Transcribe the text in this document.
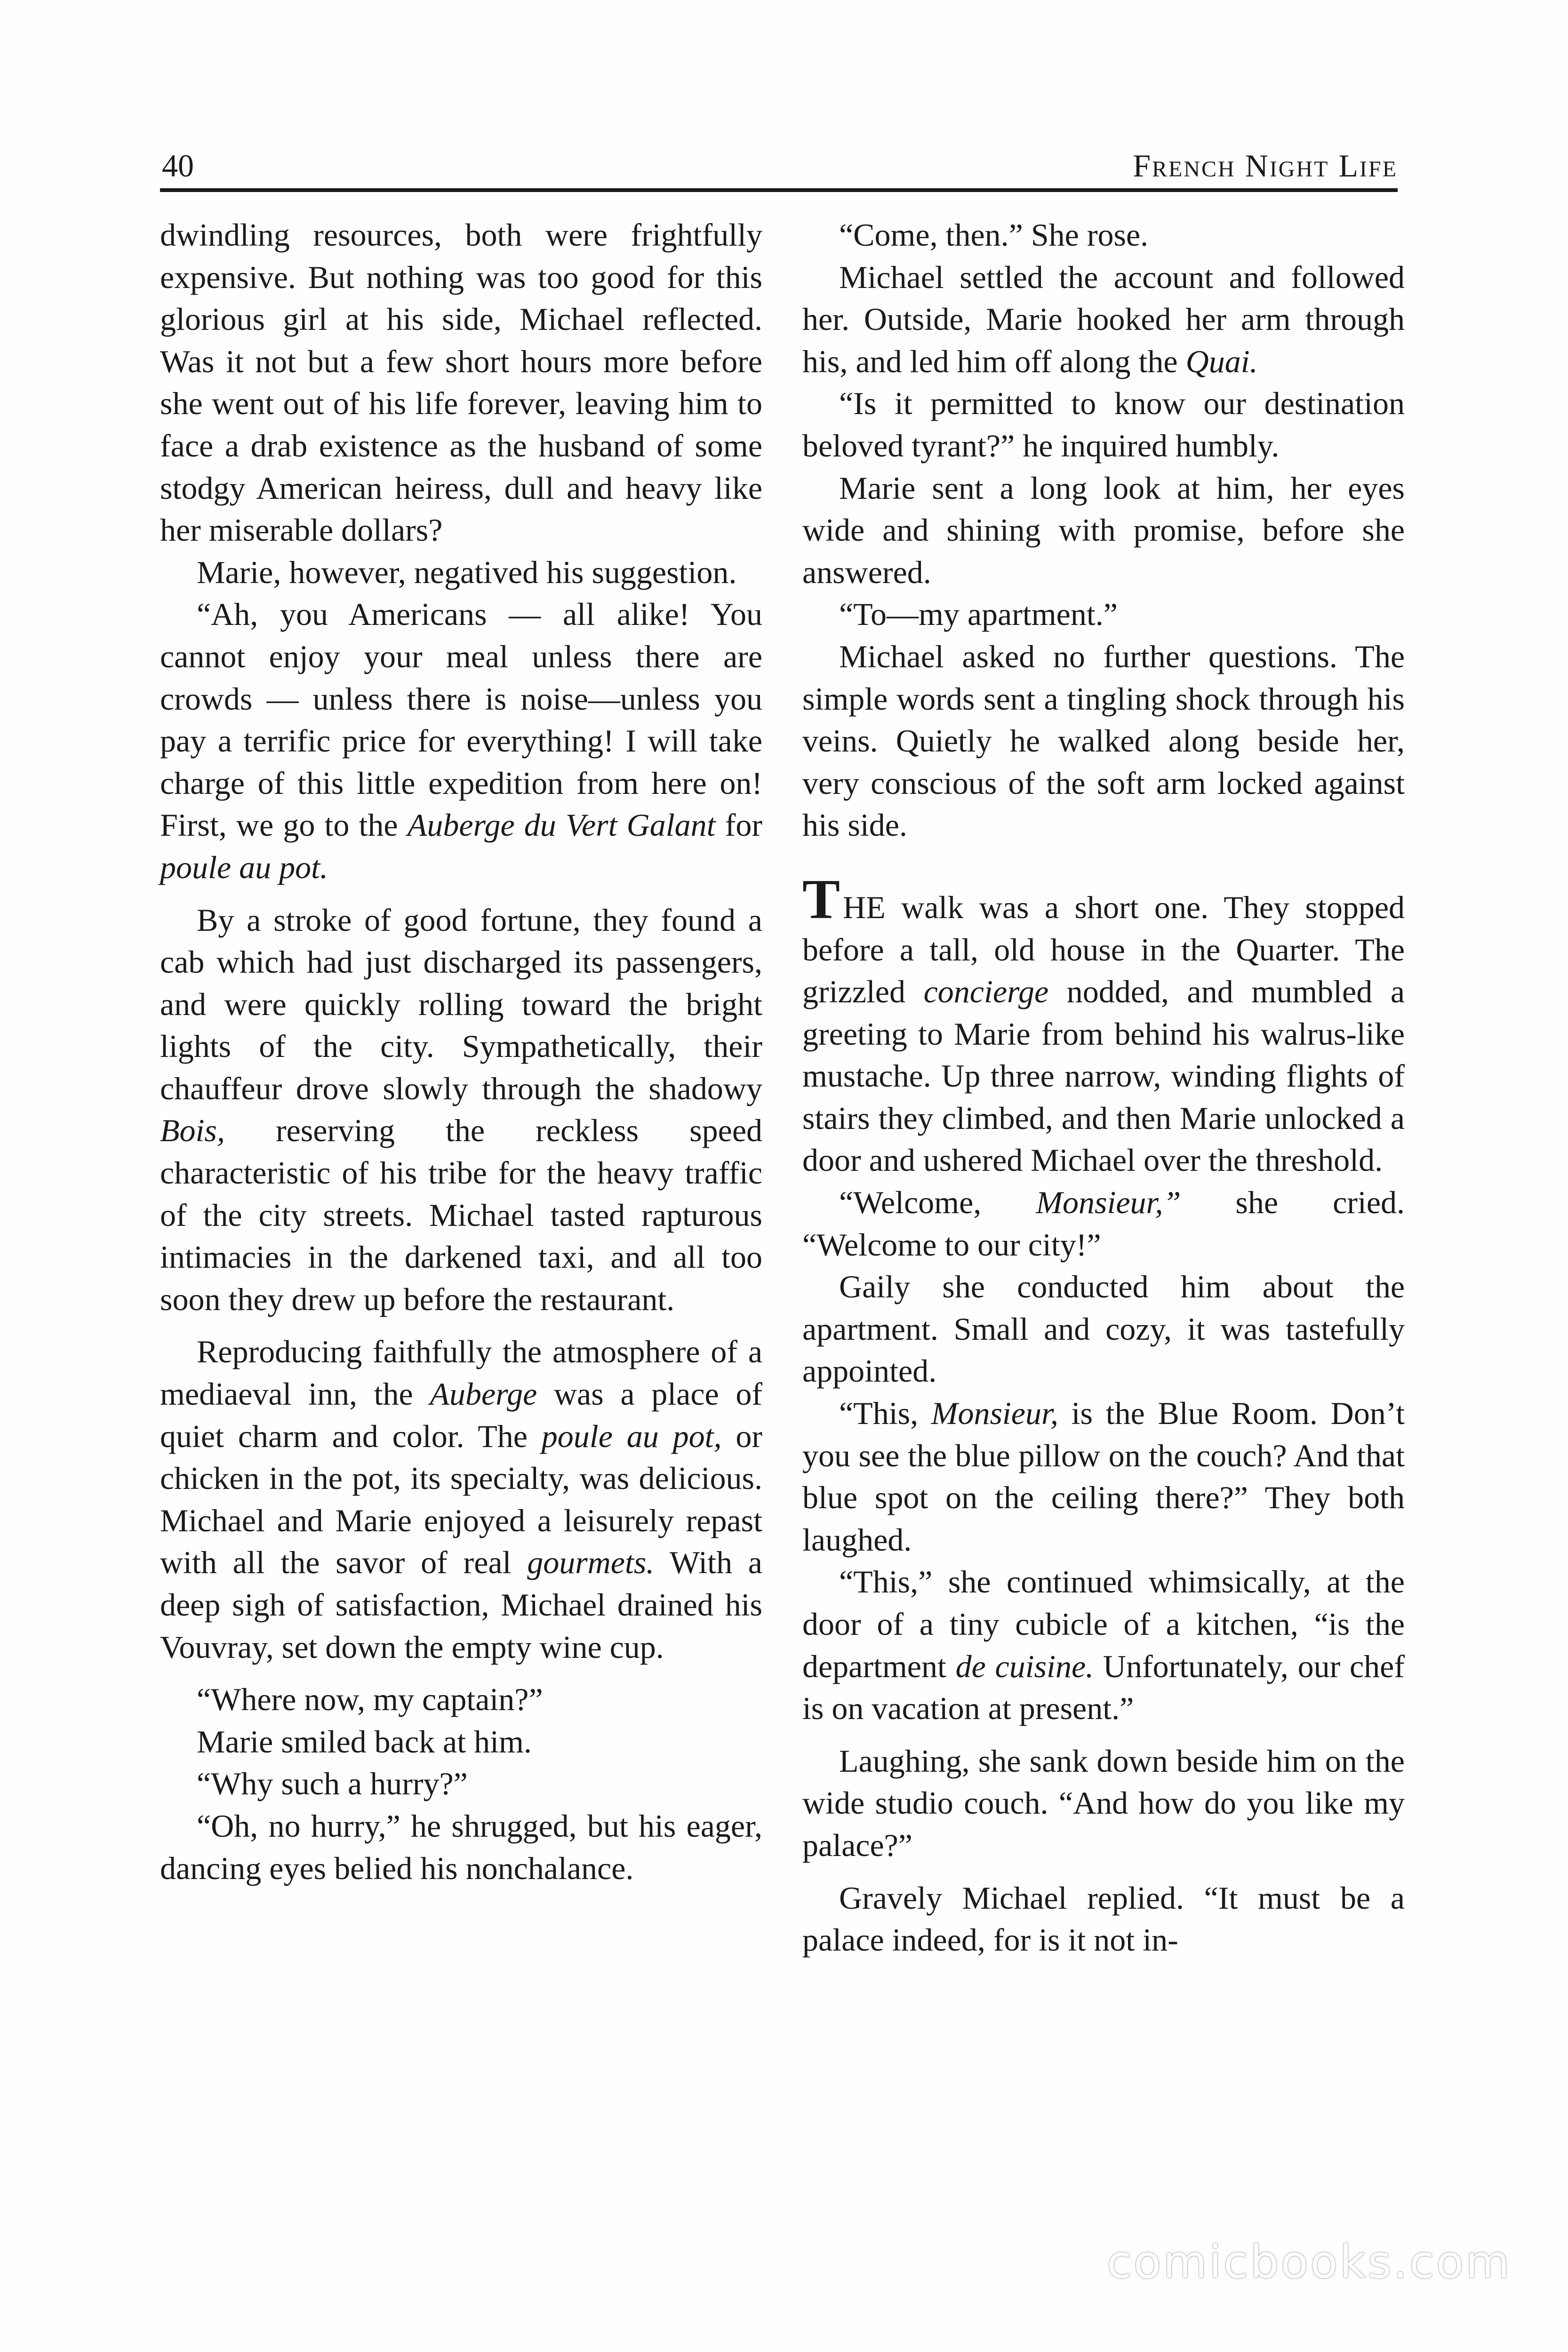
40	French Night Life

dwindling resources, both were frightfully expensive. But nothing was too good for this glorious girl at his side, Michael reflected. Was it not but a few short hours more before she went out of his life forever, leaving him to face a drab existence as the husband of some stodgy American heiress, dull and heavy like her miserable dollars?

Marie, however, negatived his suggestion.

“Ah, you Americans — all alike! You cannot enjoy your meal unless there are crowds — unless there is noise—unless you pay a terrific price for everything! I will take charge of this little expedition from here on! First, we go to the Auberge du Vert Galant for poule au pot.

By a stroke of good fortune, they found a cab which had just discharged its passengers, and were quickly rolling toward the bright lights of the city. Sympathetically, their chauffeur drove slowly through the shadowy Bois, reserving the reckless speed characteristic of his tribe for the heavy traffic of the city streets. Michael tasted rapturous intimacies in the darkened taxi, and all too soon they drew up before the restaurant.

Reproducing faithfully the atmosphere of a mediaeval inn, the Auberge was a place of quiet charm and color. The poule au pot, or chicken in the pot, its specialty, was delicious. Michael and Marie enjoyed a leisurely repast with all the savor of real gourmets. With a deep sigh of satisfaction, Michael drained his Vouvray, set down the empty wine cup.

“Where now, my captain?”

Marie smiled back at him.

“Why such a hurry?”

“Oh, no hurry,” he shrugged, but his eager, dancing eyes belied his nonchalance.

“Come, then.” She rose.

Michael settled the account and followed her. Outside, Marie hooked her arm through his, and led him off along the Quai.

“Is it permitted to know our destination beloved tyrant?” he inquired humbly.

Marie sent a long look at him, her eyes wide and shining with promise, before she answered.

“To—my apartment.”

Michael asked no further questions. The simple words sent a tingling shock through his veins. Quietly he walked along beside her, very conscious of the soft arm locked against his side.

THE walk was a short one. They stopped before a tall, old house in the Quarter. The grizzled concierge nodded, and mumbled a greeting to Marie from behind his walrus-like mustache. Up three narrow, winding flights of stairs they climbed, and then Marie unlocked a door and ushered Michael over the threshold.

“Welcome, Monsieur,” she cried. “Welcome to our city!”

Gaily she conducted him about the apartment. Small and cozy, it was tastefully appointed.

“This, Monsieur, is the Blue Room. Don’t you see the blue pillow on the couch? And that blue spot on the ceiling there?” They both laughed.

“This,” she continued whimsically, at the door of a tiny cubicle of a kitchen, “is the department de cuisine. Unfortunately, our chef is on vacation at present.”

Laughing, she sank down beside him on the wide studio couch. “And how do you like my palace?”

Gravely Michael replied. “It must be a palace indeed, for is it not in-

comicbooks.com
